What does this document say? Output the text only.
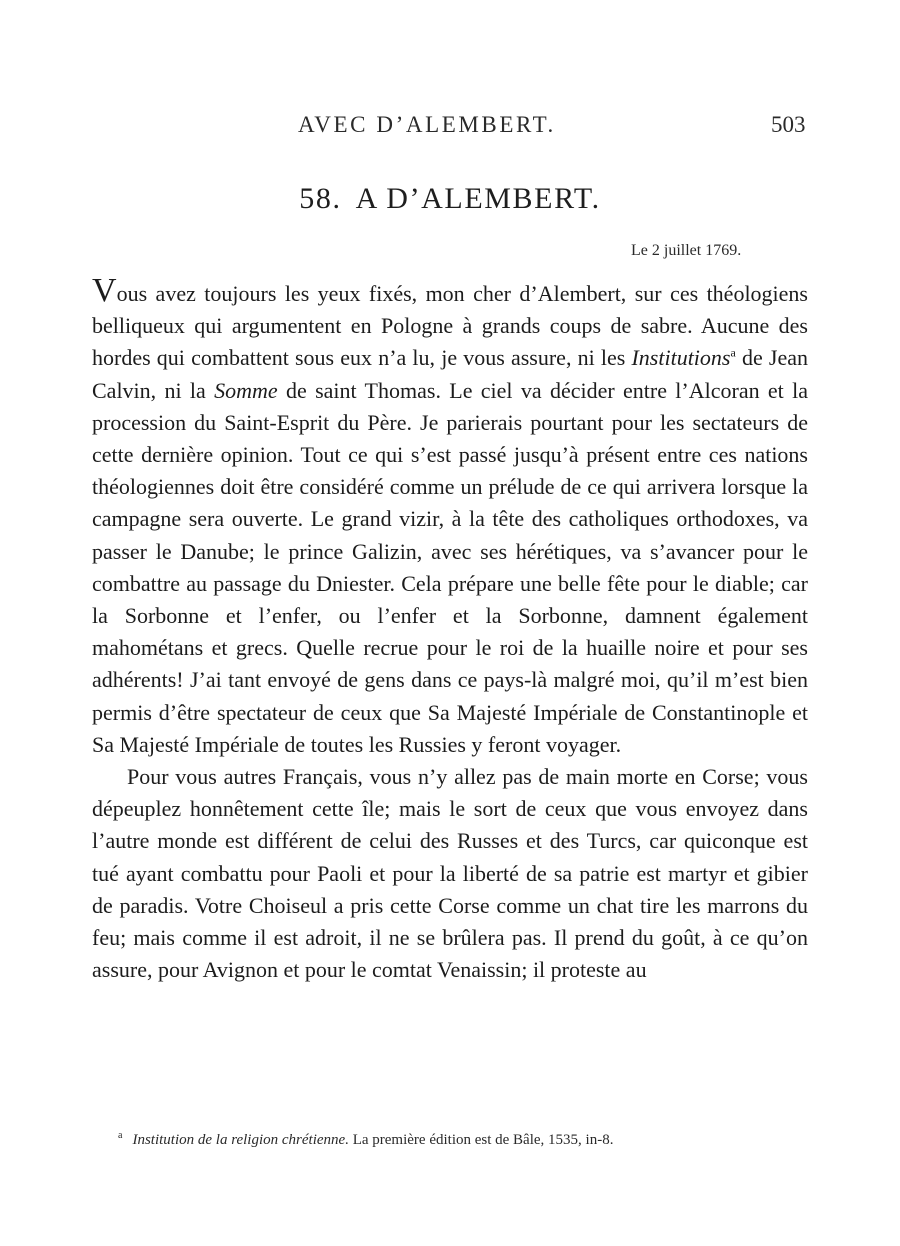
AVEC D’ALEMBERT.	503
58. A D’ALEMBERT.
Le 2 juillet 1769.

Vous avez toujours les yeux fixés, mon cher d’Alembert, sur ces théologiens belliqueux qui argumentent en Pologne à grands coups de sabre. Aucune des hordes qui combattent sous eux n’a lu, je vous assure, ni les Institutions$^a$ de Jean Calvin, ni la Somme de saint Thomas. Le ciel va décider entre l’Alcoran et la procession du Saint-Esprit du Père. Je parierais pourtant pour les sectateurs de cette dernière opinion. Tout ce qui s’est passé jusqu’à présent entre ces nations théologiennes doit être considéré comme un prélude de ce qui arrivera lorsque la campagne sera ouverte. Le grand vizir, à la tête des catholiques orthodoxes, va passer le Danube; le prince Galizin, avec ses hérétiques, va s’avancer pour le combattre au passage du Dniester. Cela prépare une belle fête pour le diable; car la Sorbonne et l’enfer, ou l’enfer et la Sorbonne, damnent également mahométans et grecs. Quelle recrue pour le roi de la huaille noire et pour ses adhérents! J’ai tant envoyé de gens dans ce pays-là malgré moi, qu’il m’est bien permis d’être spectateur de ceux que Sa Majesté Impériale de Constantinople et Sa Majesté Impériale de toutes les Russies y feront voyager.

Pour vous autres Français, vous n’y allez pas de main morte en Corse; vous dépeuplez honnêtement cette île; mais le sort de ceux que vous envoyez dans l’autre monde est différent de celui des Russes et des Turcs, car quiconque est tué ayant combattu pour Paoli et pour la liberté de sa patrie est martyr et gibier de paradis. Votre Choiseul a pris cette Corse comme un chat tire les marrons du feu; mais comme il est adroit, il ne se brûlera pas. Il prend du goût, à ce qu’on assure, pour Avignon et pour le comtat Venaissin; il proteste au

$^a$ Institution de la religion chrétienne. La première édition est de Bâle, 1535, in-8.
